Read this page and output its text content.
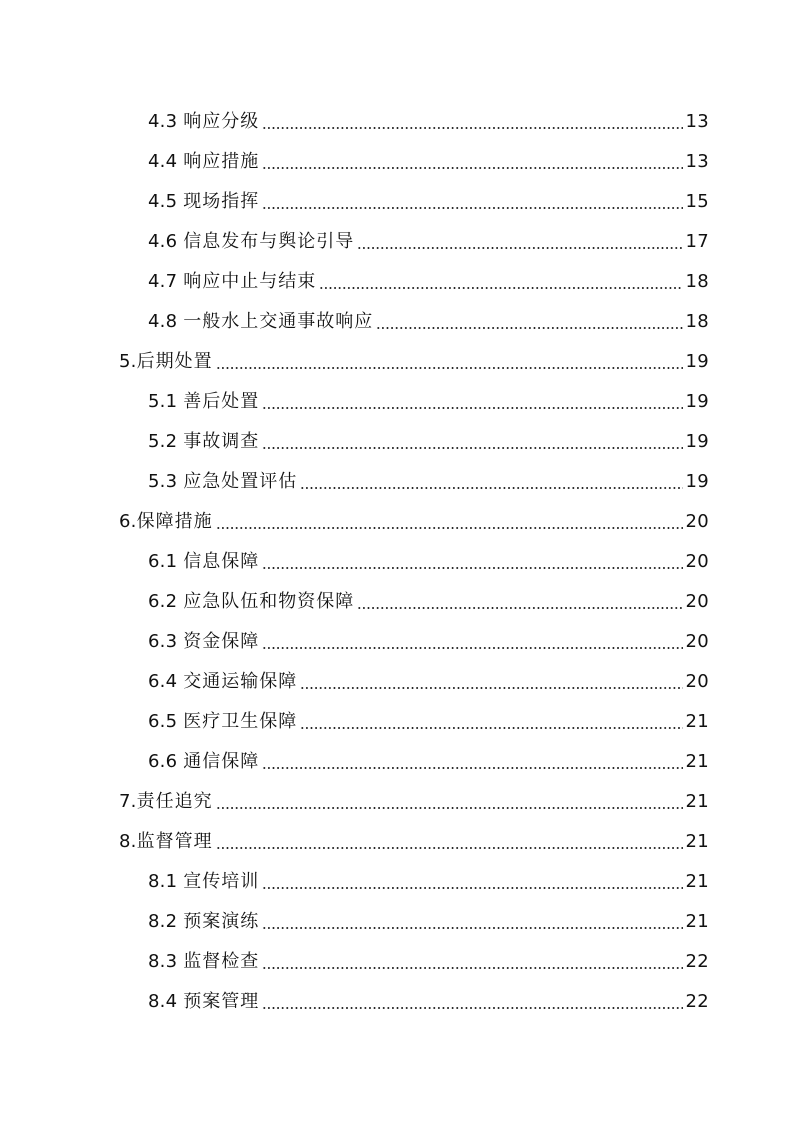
4.3 响应分级	13
4.4 响应措施	13
4.5 现场指挥	15
4.6 信息发布与舆论引导	17
4.7 响应中止与结束	18
4.8 一般水上交通事故响应	18
5. 后期处置	19
5.1 善后处置	19
5.2 事故调查	19
5.3 应急处置评估	19
6. 保障措施	20
6.1 信息保障	20
6.2 应急队伍和物资保障	20
6.3 资金保障	20
6.4 交通运输保障	20
6.5 医疗卫生保障	21
6.6 通信保障	21
7. 责任追究	21
8. 监督管理	21
8.1 宣传培训	21
8.2 预案演练	21
8.3 监督检查	22
8.4 预案管理	22
